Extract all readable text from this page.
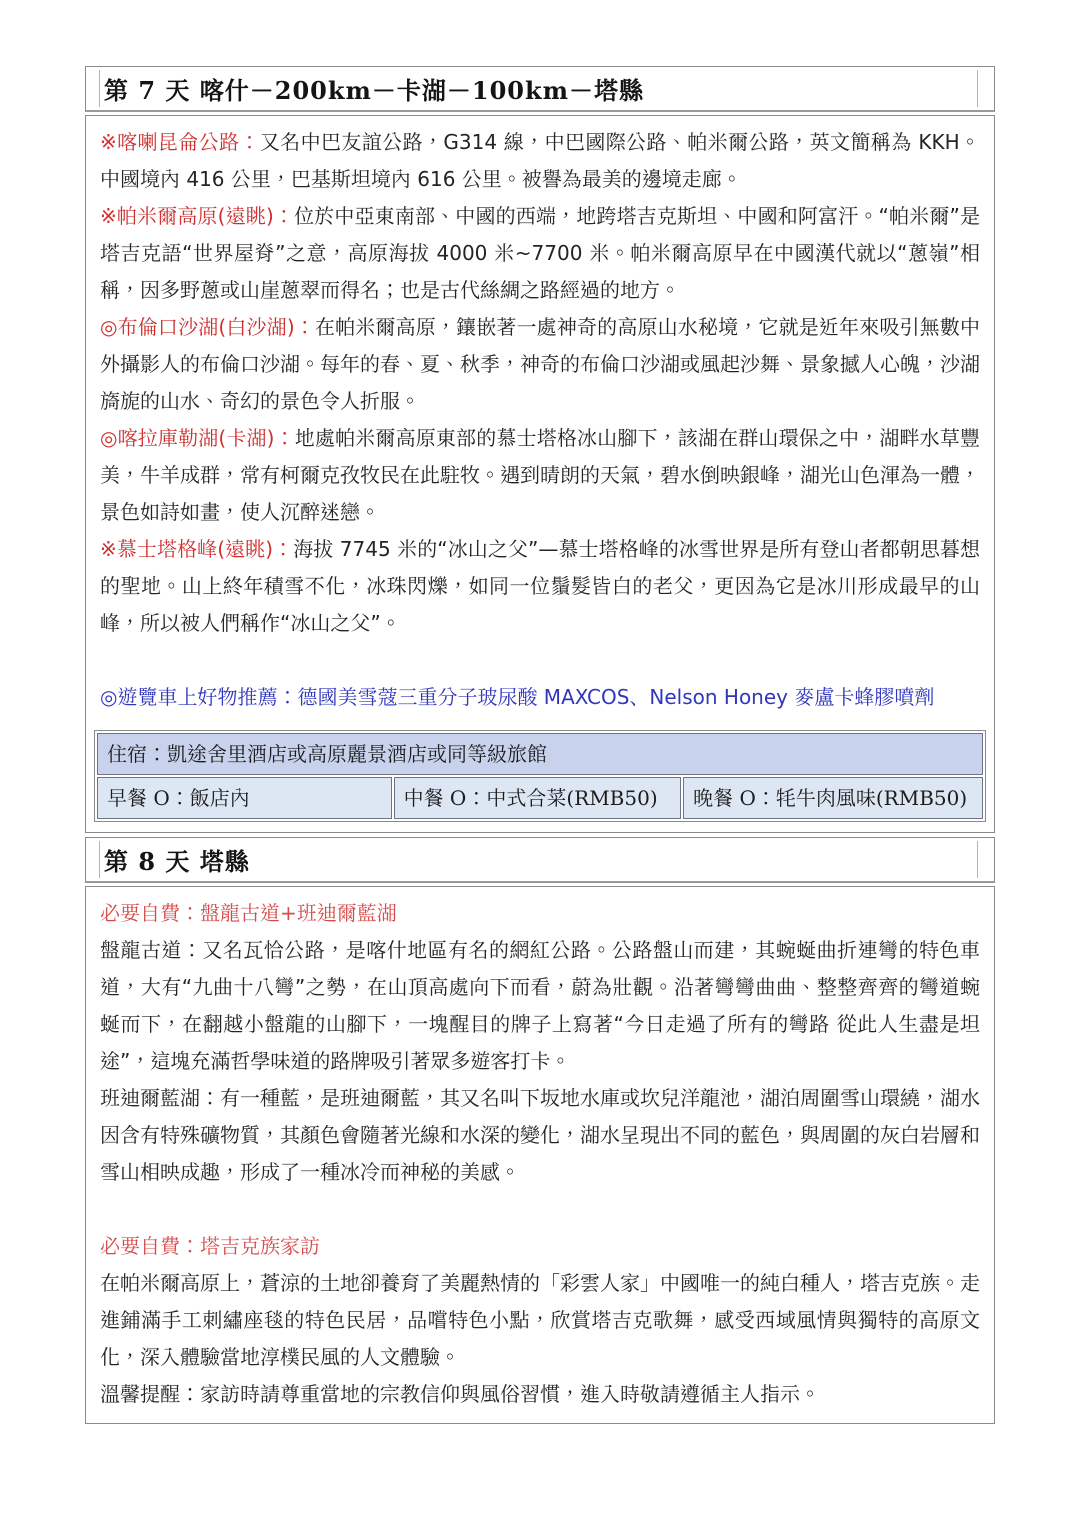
第 7 天 喀什－200km－卡湖－100km－塔縣

※喀喇昆侖公路：又名中巴友誼公路，G314 線，中巴國際公路、帕米爾公路，英文簡稱為 KKH。中國境內 416 公里，巴基斯坦境內 616 公里。被譽為最美的邊境走廊。

※帕米爾高原(遠眺)：位於中亞東南部、中國的西端，地跨塔吉克斯坦、中國和阿富汗。“帕米爾”是塔吉克語“世界屋脊”之意，高原海拔 4000 米~7700 米。帕米爾高原早在中國漢代就以“蔥嶺”相稱，因多野蔥或山崖蔥翠而得名；也是古代絲綢之路經過的地方。

◎布倫口沙湖(白沙湖)：在帕米爾高原，鑲嵌著一處神奇的高原山水秘境，它就是近年來吸引無數中外攝影人的布倫口沙湖。每年的春、夏、秋季，神奇的布倫口沙湖或風起沙舞、景象撼人心魄，沙湖旖旎的山水、奇幻的景色令人折服。

◎喀拉庫勒湖(卡湖)：地處帕米爾高原東部的慕士塔格冰山腳下，該湖在群山環保之中，湖畔水草豐美，牛羊成群，常有柯爾克孜牧民在此駐牧。遇到晴朗的天氣，碧水倒映銀峰，湖光山色渾為一體，景色如詩如畫，使人沉醉迷戀。

※慕士塔格峰(遠眺)：海拔 7745 米的“冰山之父”—慕士塔格峰的冰雪世界是所有登山者都朝思暮想的聖地。山上終年積雪不化，冰珠閃爍，如同一位鬚髮皆白的老父，更因為它是冰川形成最早的山峰，所以被人們稱作“冰山之父”。

◎遊覽車上好物推薦：德國美雪蔻三重分子玻尿酸 MAXCOS、Nelson Honey 麥盧卡蜂膠噴劑

住宿：凱途舍里酒店或高原麗景酒店或同等級旅館
早餐 O：飯店內	中餐 O：中式合菜(RMB50)	晚餐 O：牦牛肉風味(RMB50)
第 8 天 塔縣

必要自費：盤龍古道+班迪爾藍湖

盤龍古道：又名瓦恰公路，是喀什地區有名的網紅公路。公路盤山而建，其蜿蜒曲折連彎的特色車道，大有“九曲十八彎”之勢，在山頂高處向下而看，蔚為壯觀。沿著彎彎曲曲、整整齊齊的彎道蜿蜒而下，在翻越小盤龍的山腳下，一塊醒目的牌子上寫著“今日走過了所有的彎路 從此人生盡是坦途”，這塊充滿哲學味道的路牌吸引著眾多遊客打卡。

班迪爾藍湖：有一種藍，是班迪爾藍，其又名叫下坂地水庫或坎兒洋龍池，湖泊周圍雪山環繞，湖水因含有特殊礦物質，其顏色會隨著光線和水深的變化，湖水呈現出不同的藍色，與周圍的灰白岩層和雪山相映成趣，形成了一種冰冷而神秘的美感。

必要自費：塔吉克族家訪

在帕米爾高原上，蒼涼的土地卻養育了美麗熱情的「彩雲人家」中國唯一的純白種人，塔吉克族。走進鋪滿手工刺繡座毯的特色民居，品嚐特色小點，欣賞塔吉克歌舞，感受西域風情與獨特的高原文化，深入體驗當地淳樸民風的人文體驗。

溫馨提醒：家訪時請尊重當地的宗教信仰與風俗習慣，進入時敬請遵循主人指示。
